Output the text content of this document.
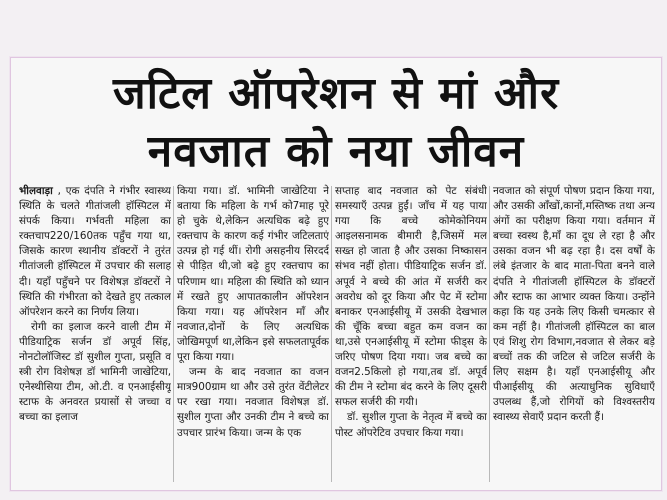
जटिल ऑपरेशन से मां और
नवजात को नया जीवन

भीलवाड़ा , एक दंपति ने गंभीर स्वास्थ्य स्थिति के चलते गीतांजली हॉस्पिटल में संपर्क किया। गर्भवती महिला का रक्तचाप220/160तक पहुँच गया था, जिसके कारण स्थानीय डॉक्टरों ने तुरंत गीतांजली हॉस्पिटल में उपचार की सलाह दी। यहाँ पहुँचने पर विशेषज्ञ डॉक्टरों ने स्थिति की गंभीरता को देखते हुए तत्काल ऑपरेशन करने का निर्णय लिया।

रोगी का इलाज करने वाली टीम में पीडियाट्रिक सर्जन डॉ अपूर्व सिंह, नोनटोलॉजिस्ट डॉ सुशील गुप्ता, प्रसूति व स्त्री रोग विशेषज्ञ डॉ भामिनी जाखेटिया, एनेस्थीसिया टीम, ओ.टी. व एनआईसीयू स्टाफ के अनवरत प्रयासों से जच्चा व बच्चा का इलाज

किया गया। डॉ. भामिनी जाखेटिया ने बताया कि महिला के गर्भ को7माह पूरे हो चुके थे,लेकिन अत्यधिक बढ़े हुए रक्तचाप के कारण कई गंभीर जटिलताएं उत्पन्न हो गई थीं। रोगी असहनीय सिरदर्द से पीड़ित थी,जो बढ़े हुए रक्तचाप का परिणाम था। महिला की स्थिति को ध्यान में रखते हुए आपातकालीन ऑपरेशन किया गया। यह ऑपरेशन माँ और नवजात,दोनों के लिए अत्यधिक जोखिमपूर्ण था,लेकिन इसे सफलतापूर्वक पूरा किया गया।

जन्म के बाद नवजात का वजन मात्र900ग्राम था और उसे तुरंत वेंटीलेटर पर रखा गया। नवजात विशेषज्ञ डॉ. सुशील गुप्ता और उनकी टीम ने बच्चे का उपचार प्रारंभ किया। जन्म के एक

सप्ताह बाद नवजात को पेट संबंधी समस्याएँ उत्पन्न हुईं। जाँच में यह पाया गया कि बच्चे कोमेकोनियम आइलसनामक बीमारी है,जिसमें मल सख्त हो जाता है और उसका निष्कासन संभव नहीं होता। पीडियाट्रिक सर्जन डॉ. अपूर्व ने बच्चे की आंत में सर्जरी कर अवरोध को दूर किया और पेट में स्टोमा बनाकर एनआईसीयू में उसकी देखभाल की चूँकि बच्चा बहुत कम वजन का था,उसे एनआईसीयू में स्टोमा फीड्स के जरिए पोषण दिया गया। जब बच्चे का वजन2.5किलो हो गया,तब डॉ. अपूर्व की टीम ने स्टोमा बंद करने के लिए दूसरी सफल सर्जरी की गयी।

डॉ. सुशील गुप्ता के नेतृत्व में बच्चे का पोस्ट ऑपरेटिव उपचार किया गया।

नवजात को संपूर्ण पोषण प्रदान किया गया, और उसकी आँखों,कानों,मस्तिष्क तथा अन्य अंगों का परीक्षण किया गया। वर्तमान में बच्चा स्वस्थ है,माँ का दूध ले रहा है और उसका वजन भी बढ़ रहा है। दस वर्षों के लंबे इंतजार के बाद माता-पिता बनने वाले दंपति ने गीतांजली हॉस्पिटल के डॉक्टरों और स्टाफ का आभार व्यक्त किया। उन्होंने कहा कि यह उनके लिए किसी चमत्कार से कम नहीं है। गीतांजली हॉस्पिटल का बाल एवं शिशु रोग विभाग,नवजात से लेकर बड़े बच्चों तक की जटिल से जटिल सर्जरी के लिए सक्षम है। यहाँ एनआईसीयू और पीआईसीयू की अत्याधुनिक सुविधाएँ उपलब्ध हैं,जो रोगियों को विश्वस्तरीय स्वास्थ्य सेवाएँ प्रदान करती हैं।
